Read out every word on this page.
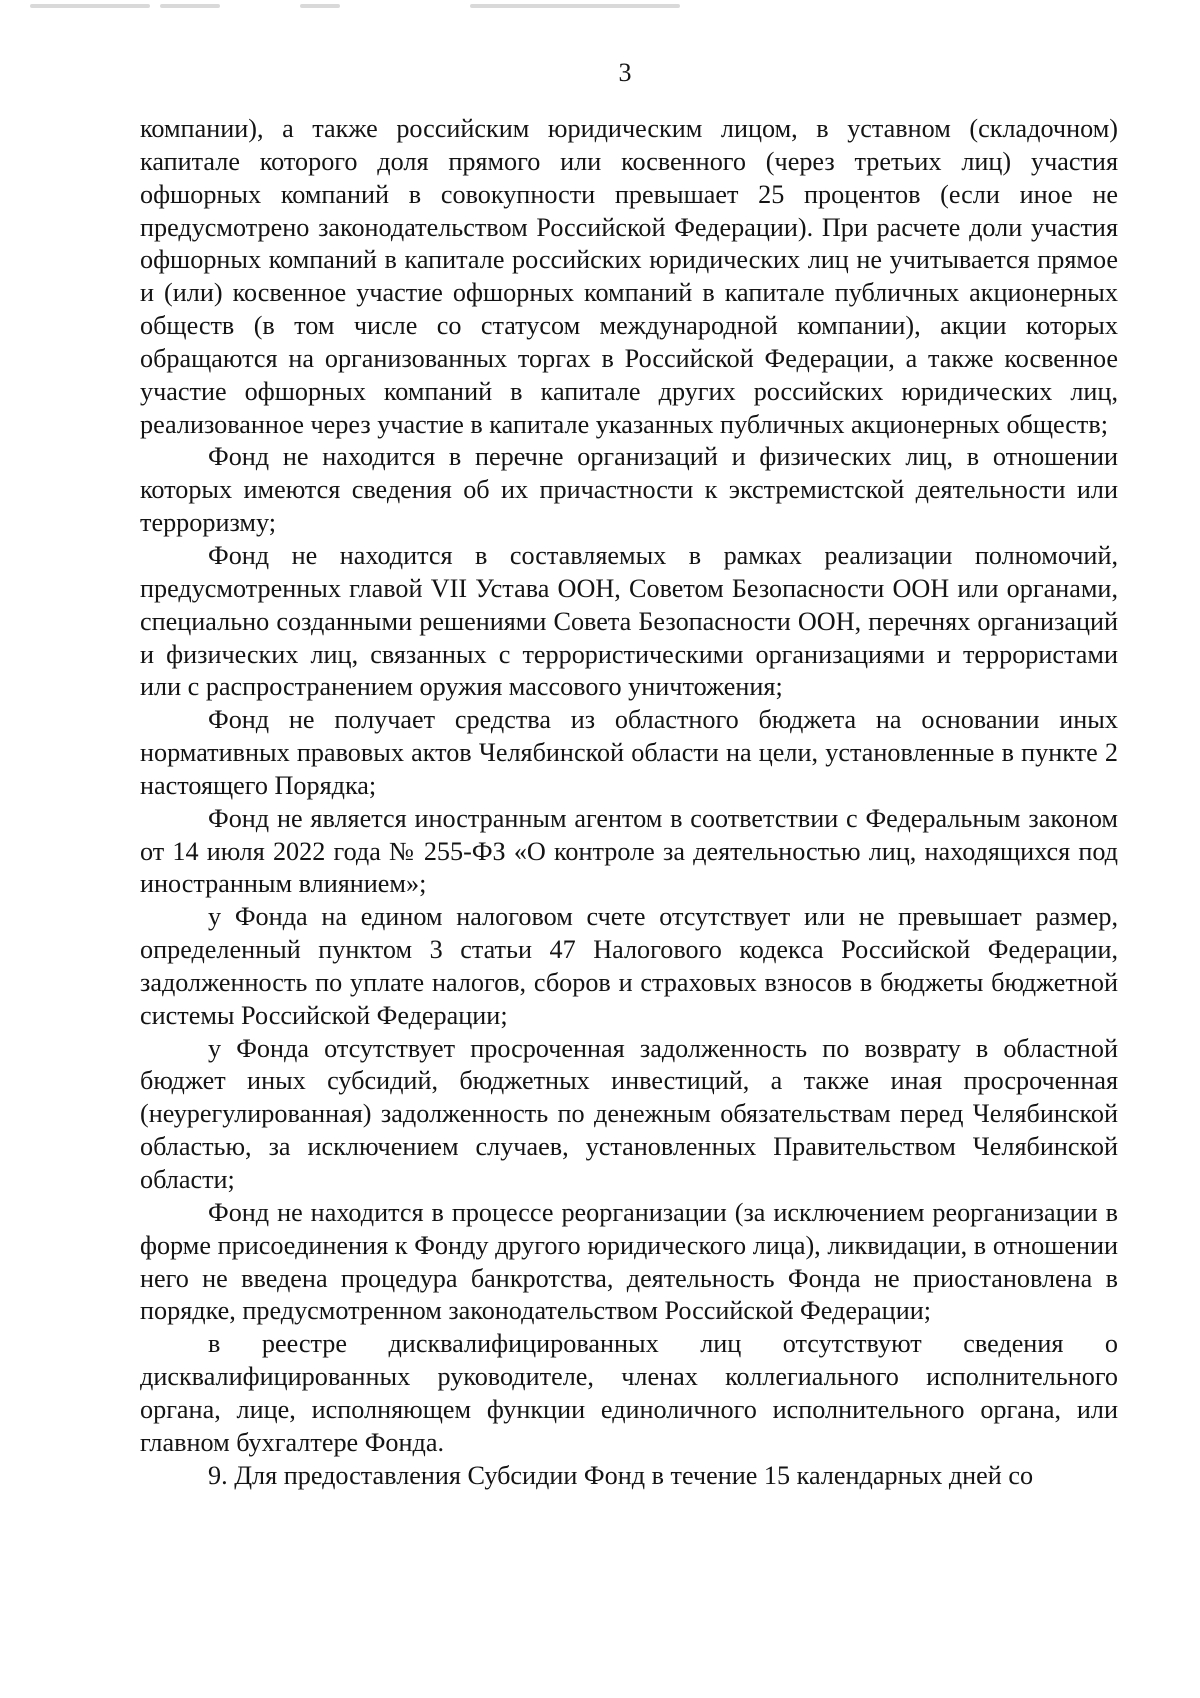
3

компании), а также российским юридическим лицом, в уставном (складочном) капитале которого доля прямого или косвенного (через третьих лиц) участия офшорных компаний в совокупности превышает 25 процентов (если иное не предусмотрено законодательством Российской Федерации). При расчете доли участия офшорных компаний в капитале российских юридических лиц не учитывается прямое и (или) косвенное участие офшорных компаний в капитале публичных акционерных обществ (в том числе со статусом международной компании), акции которых обращаются на организованных торгах в Российской Федерации, а также косвенное участие офшорных компаний в капитале других российских юридических лиц, реализованное через участие в капитале указанных публичных акционерных обществ;

Фонд не находится в перечне организаций и физических лиц, в отношении которых имеются сведения об их причастности к экстремистской деятельности или терроризму;

Фонд не находится в составляемых в рамках реализации полномочий, предусмотренных главой VII Устава ООН, Советом Безопасности ООН или органами, специально созданными решениями Совета Безопасности ООН, перечнях организаций и физических лиц, связанных с террористическими организациями и террористами или с распространением оружия массового уничтожения;

Фонд не получает средства из областного бюджета на основании иных нормативных правовых актов Челябинской области на цели, установленные в пункте 2 настоящего Порядка;

Фонд не является иностранным агентом в соответствии с Федеральным законом от 14 июля 2022 года № 255-ФЗ «О контроле за деятельностью лиц, находящихся под иностранным влиянием»;

у Фонда на едином налоговом счете отсутствует или не превышает размер, определенный пунктом 3 статьи 47 Налогового кодекса Российской Федерации, задолженность по уплате налогов, сборов и страховых взносов в бюджеты бюджетной системы Российской Федерации;

у Фонда отсутствует просроченная задолженность по возврату в областной бюджет иных субсидий, бюджетных инвестиций, а также иная просроченная (неурегулированная) задолженность по денежным обязательствам перед Челябинской областью, за исключением случаев, установленных Правительством Челябинской области;

Фонд не находится в процессе реорганизации (за исключением реорганизации в форме присоединения к Фонду другого юридического лица), ликвидации, в отношении него не введена процедура банкротства, деятельность Фонда не приостановлена в порядке, предусмотренном законодательством Российской Федерации;

в реестре дисквалифицированных лиц отсутствуют сведения о дисквалифицированных руководителе, членах коллегиального исполнительного органа, лице, исполняющем функции единоличного исполнительного органа, или главном бухгалтере Фонда.

9. Для предоставления Субсидии Фонд в течение 15 календарных дней со
